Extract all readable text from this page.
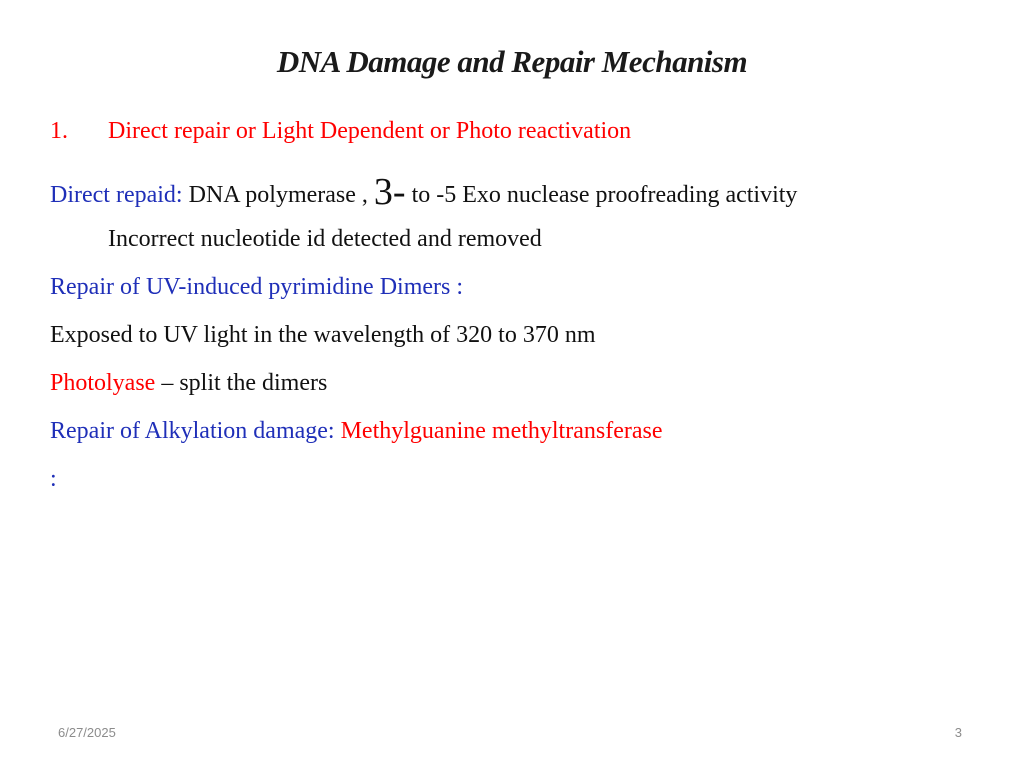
DNA Damage and Repair Mechanism
1. Direct repair or Light Dependent or Photo reactivation
Direct repaid: DNA polymerase , 3- to -5 Exo nuclease proofreading activity
Incorrect nucleotide id detected and removed
Repair of UV-induced pyrimidine Dimers :
Exposed to UV light in the wavelength of 320 to 370 nm
Photolyase – split the dimers
Repair of Alkylation damage: Methylguanine methyltransferase
:
6/27/2025	3
